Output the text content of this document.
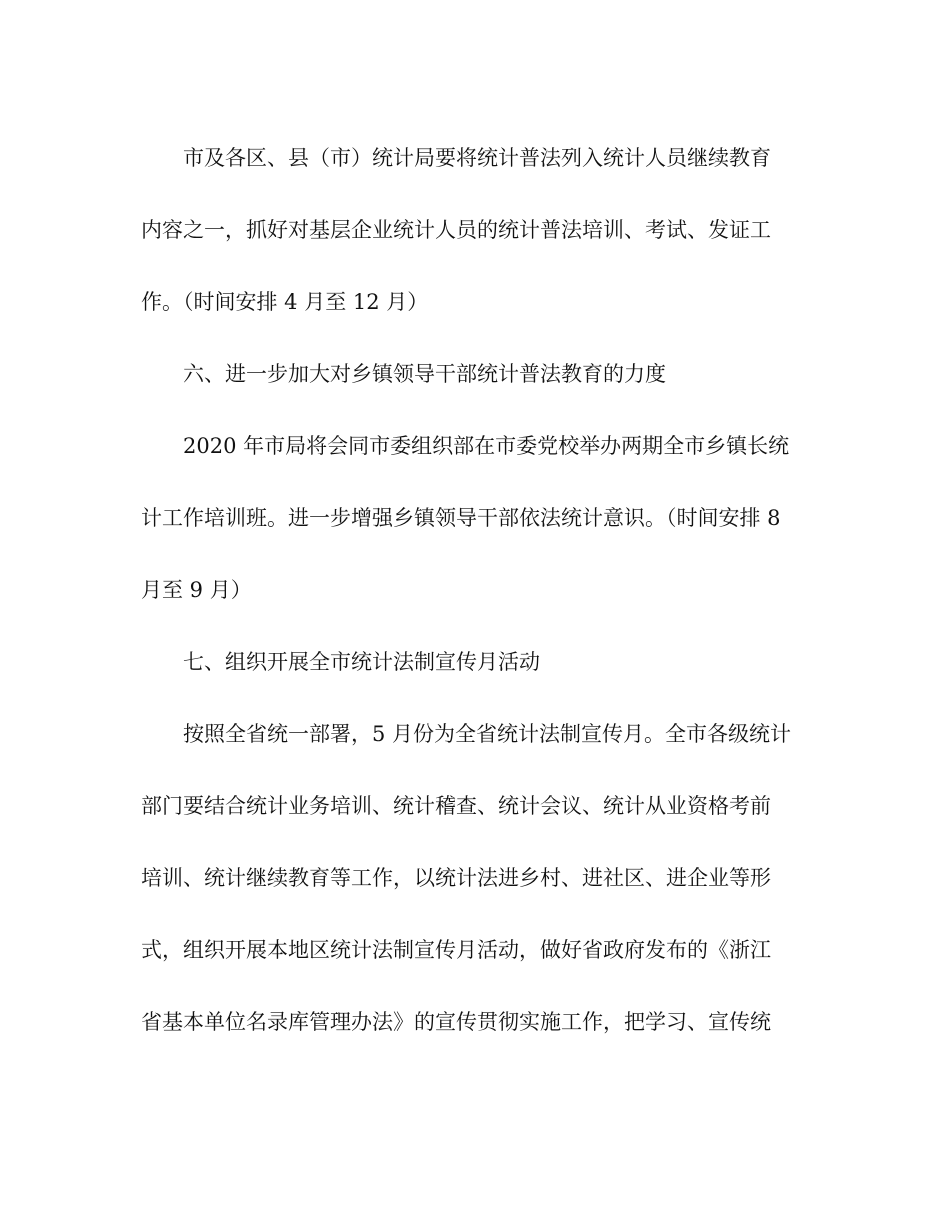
市及各区、县（市）统计局要将统计普法列入统计人员继续教育
内容之一，抓好对基层企业统计人员的统计普法培训、考试、发证工
作。（时间安排 4 月至 12 月）
六、进一步加大对乡镇领导干部统计普法教育的力度
2020 年市局将会同市委组织部在市委党校举办两期全市乡镇长统
计工作培训班。进一步增强乡镇领导干部依法统计意识。（时间安排 8
月至 9 月）
七、组织开展全市统计法制宣传月活动
按照全省统一部署，5 月份为全省统计法制宣传月。全市各级统计
部门要结合统计业务培训、统计稽查、统计会议、统计从业资格考前
培训、统计继续教育等工作，以统计法进乡村、进社区、进企业等形
式，组织开展本地区统计法制宣传月活动，做好省政府发布的《浙江
省基本单位名录库管理办法》的宣传贯彻实施工作，把学习、宣传统
